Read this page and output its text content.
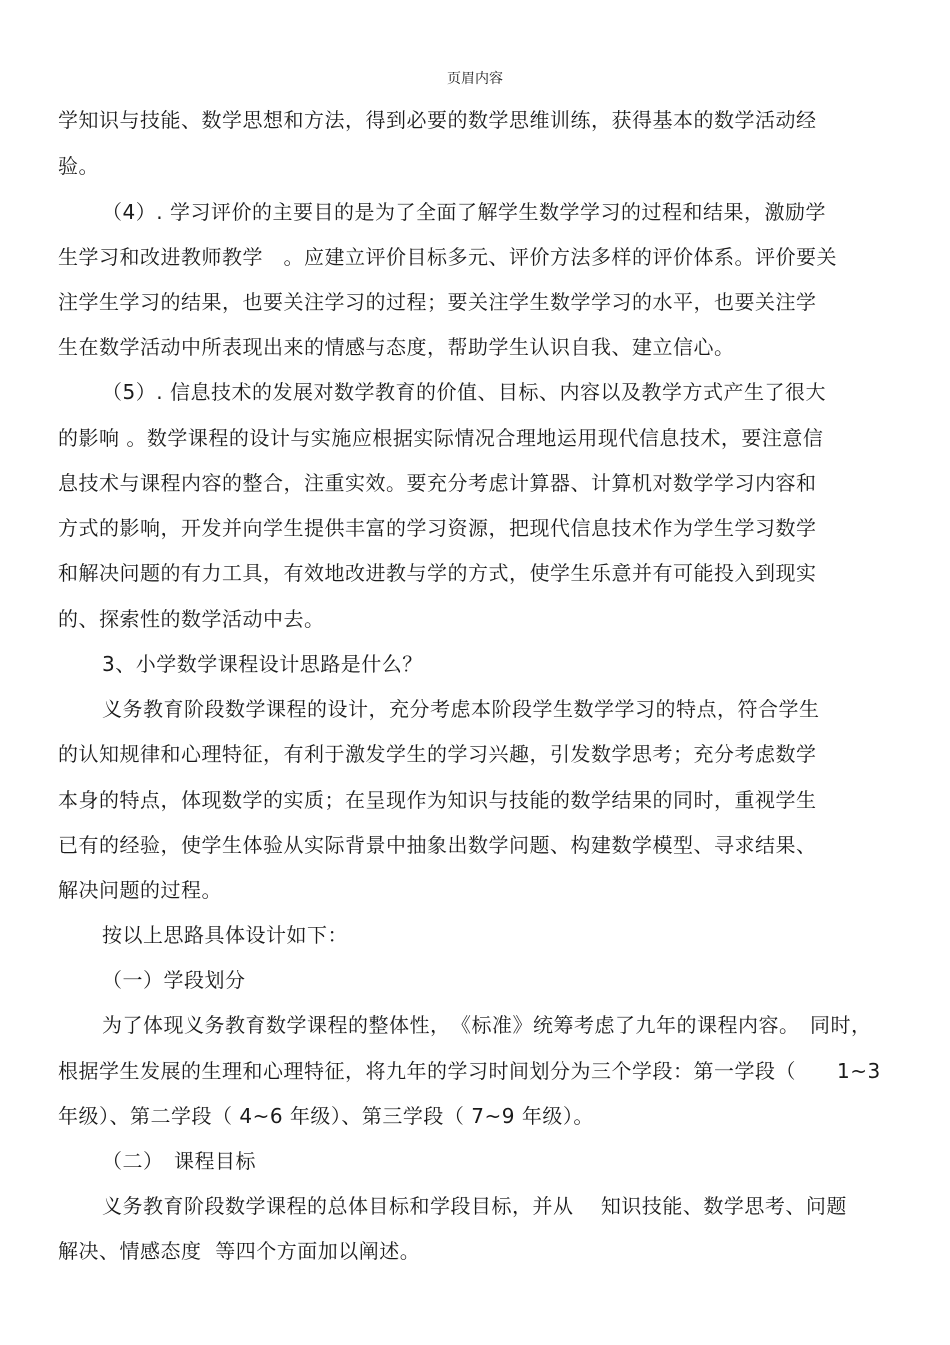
页眉内容
学知识与技能、数学思想和方法，得到必要的数学思维训练，获得基本的数学活动经
验。
（4）. 学习评价的主要目的是为了全面了解学生数学学习的过程和结果，激励学
生学习和改进教师教学　。应建立评价目标多元、评价方法多样的评价体系。评价要关
注学生学习的结果，也要关注学习的过程；要关注学生数学学习的水平，也要关注学
生在数学活动中所表现出来的情感与态度，帮助学生认识自我、建立信心。
（5）. 信息技术的发展对数学教育的价值、目标、内容以及教学方式产生了很大
的影响 。数学课程的设计与实施应根据实际情况合理地运用现代信息技术，要注意信
息技术与课程内容的整合，注重实效。要充分考虑计算器、计算机对数学学习内容和
方式的影响，开发并向学生提供丰富的学习资源，把现代信息技术作为学生学习数学
和解决问题的有力工具，有效地改进教与学的方式，使学生乐意并有可能投入到现实
的、探索性的数学活动中去。
3、小学数学课程设计思路是什么？
义务教育阶段数学课程的设计，充分考虑本阶段学生数学学习的特点，符合学生
的认知规律和心理特征，有利于激发学生的学习兴趣，引发数学思考；充分考虑数学
本身的特点，体现数学的实质；在呈现作为知识与技能的数学结果的同时，重视学生
已有的经验，使学生体验从实际背景中抽象出数学问题、构建数学模型、寻求结果、
解决问题的过程。
按以上思路具体设计如下：
（一）学段划分
为了体现义务教育数学课程的整体性，　《标准》统筹考虑了九年的课程内容。　同时，
根据学生发展的生理和心理特征，将九年的学习时间划分为三个学段：第一学段（　　1~3
年级）、第二学段（ 4~6 年级）、第三学段（ 7~9 年级）。
（二）　课程目标
义务教育阶段数学课程的总体目标和学段目标，并从　 知识技能、数学思考、问题
解决、情感态度  等四个方面加以阐述。
